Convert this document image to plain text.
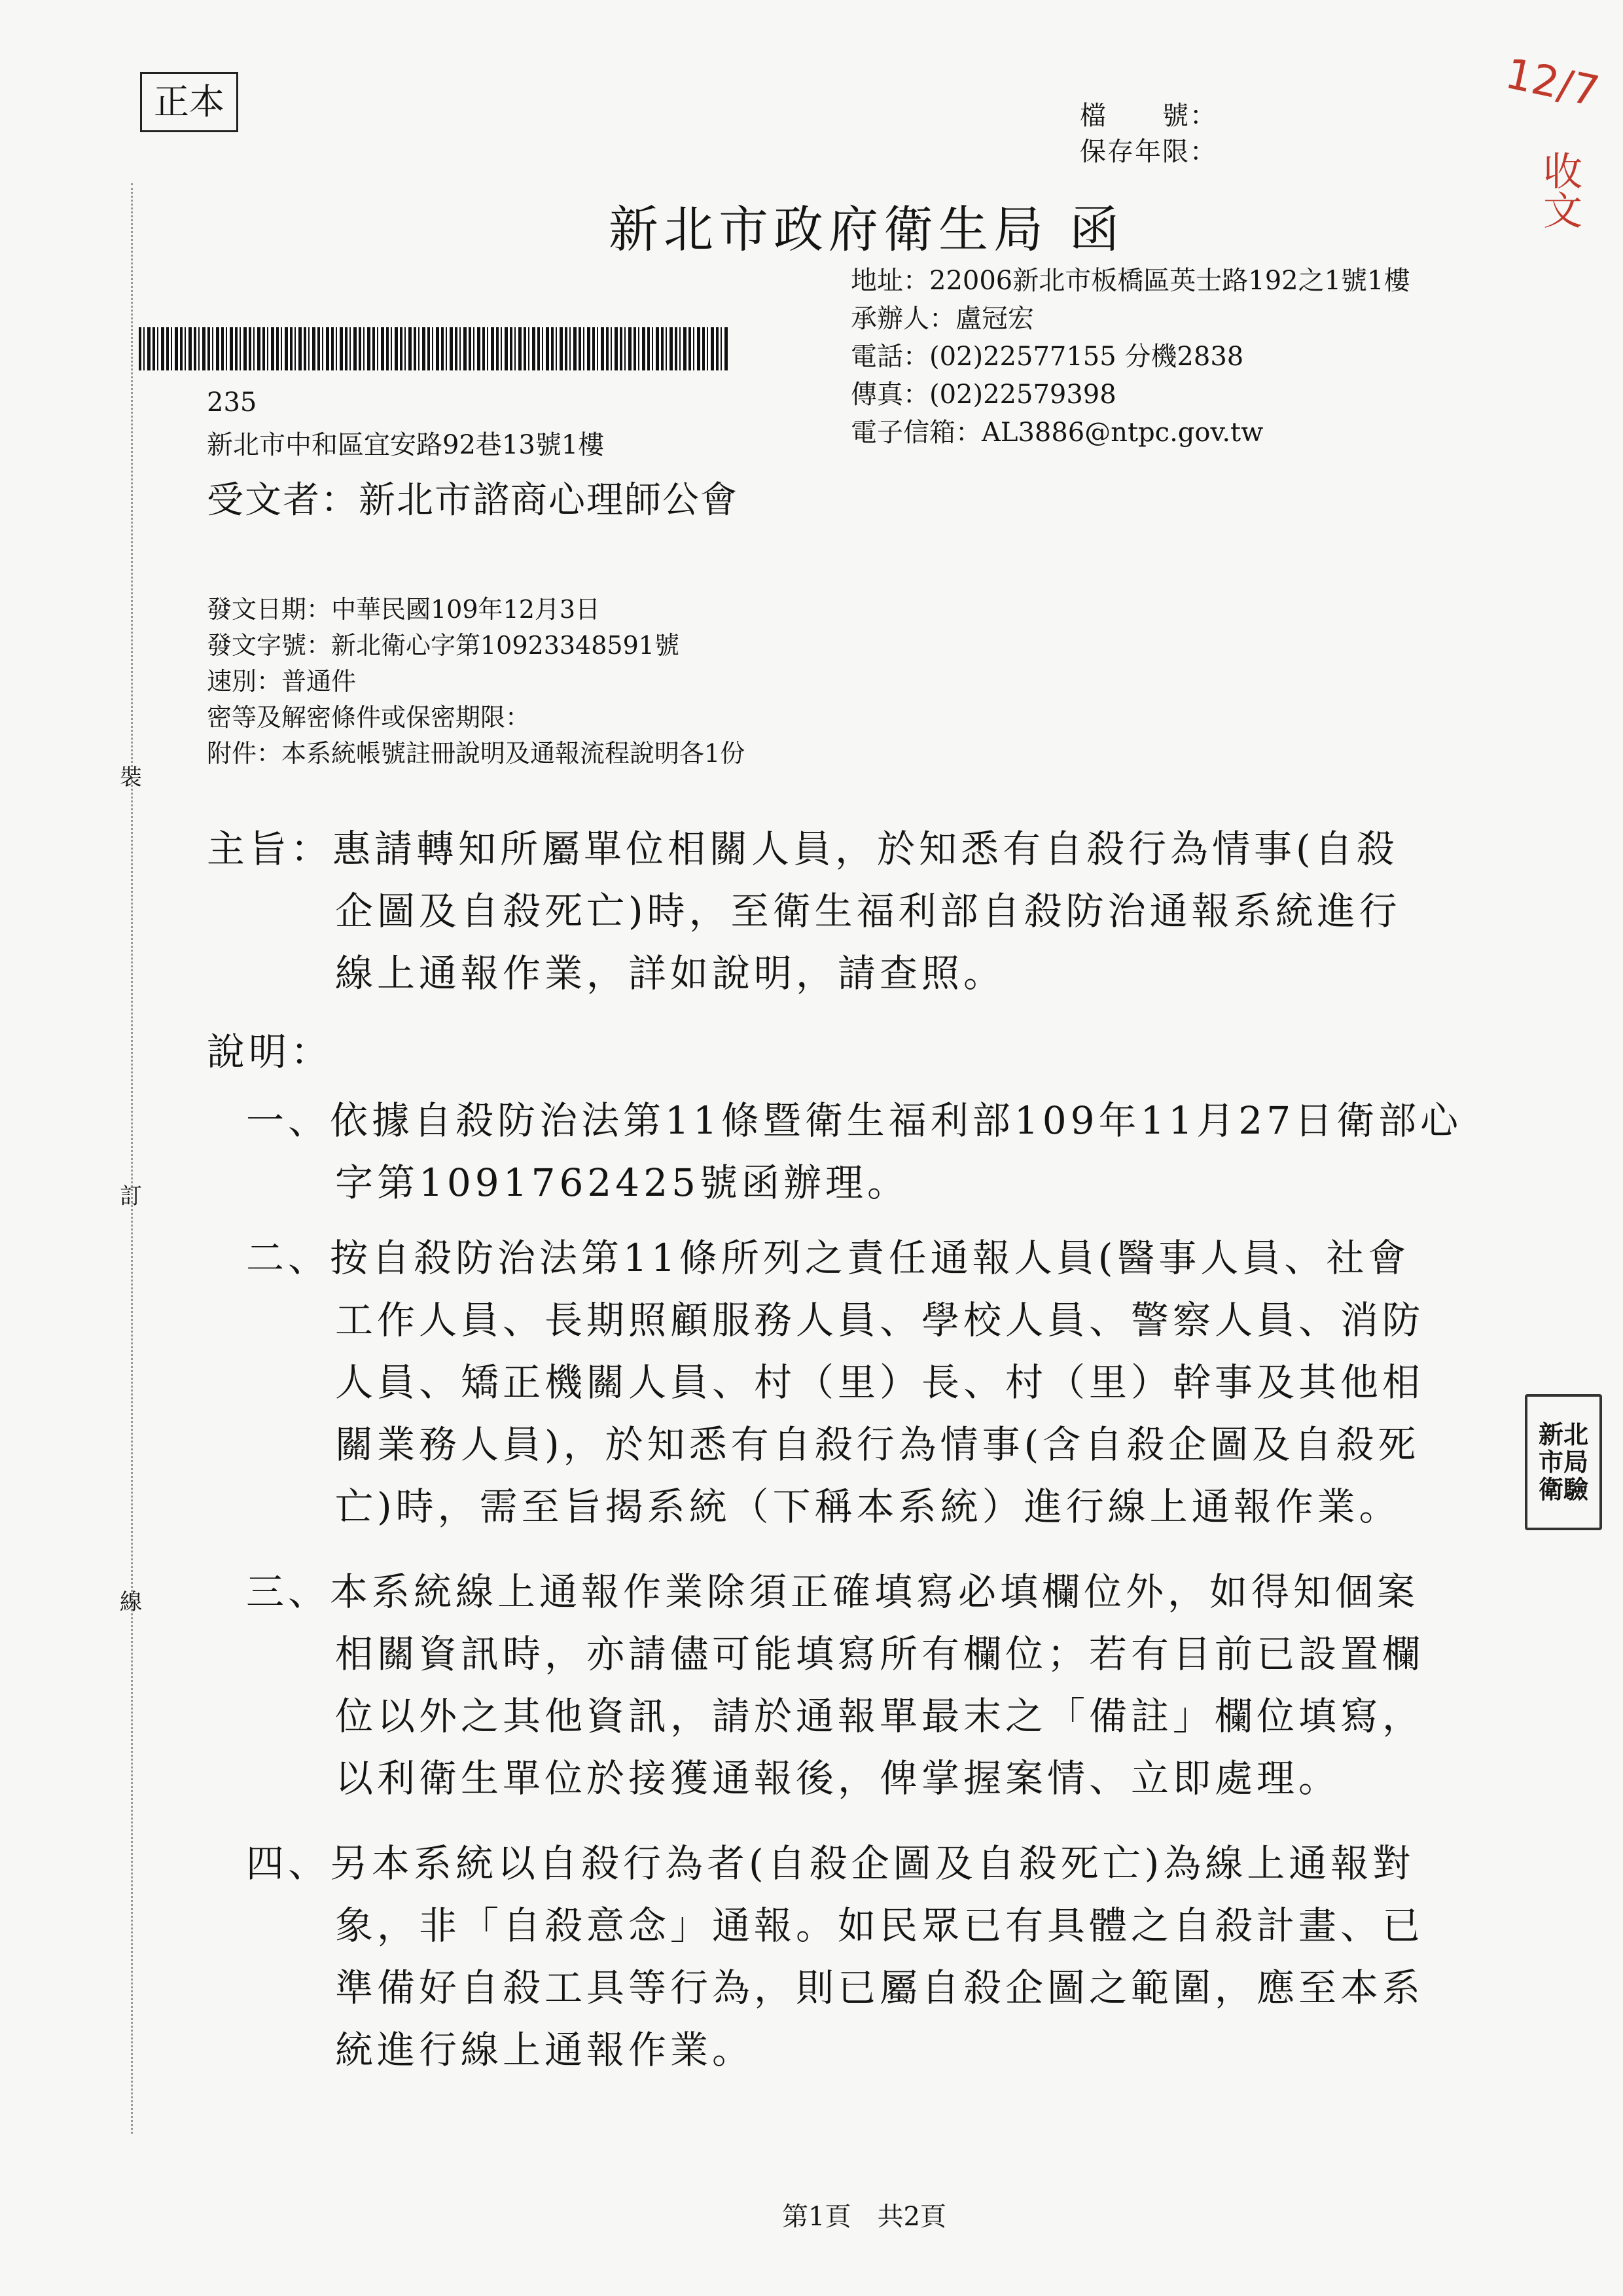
正本	檔　　號：
保存年限：
12/7
收文
新北市政府衛生局 函
地址：22006新北市板橋區英士路192之1號1樓
承辦人：盧冠宏
電話：(02)22577155 分機2838
傳真：(02)22579398
電子信箱：AL3886@ntpc.gov.tw
235
新北市中和區宜安路92巷13號1樓
受文者：新北市諮商心理師公會
發文日期：中華民國109年12月3日
發文字號：新北衛心字第10923348591號
速別：普通件
密等及解密條件或保密期限：
附件：本系統帳號註冊說明及通報流程說明各1份
裝
訂
線
主旨：惠請轉知所屬單位相關人員，於知悉有自殺行為情事(自殺
企圖及自殺死亡)時，至衛生福利部自殺防治通報系統進行
線上通報作業，詳如說明，請查照。
說明：
一、依據自殺防治法第11條暨衛生福利部109年11月27日衛部心
字第1091762425號函辦理。
二、按自殺防治法第11條所列之責任通報人員(醫事人員、社會
工作人員、長期照顧服務人員、學校人員、警察人員、消防
人員、矯正機關人員、村（里）長、村（里）幹事及其他相
關業務人員)，於知悉有自殺行為情事(含自殺企圖及自殺死
亡)時，需至旨揭系統（下稱本系統）進行線上通報作業。
三、本系統線上通報作業除須正確填寫必填欄位外，如得知個案
相關資訊時，亦請儘可能填寫所有欄位；若有目前已設置欄
位以外之其他資訊，請於通報單最末之「備註」欄位填寫，
以利衛生單位於接獲通報後，俾掌握案情、立即處理。
四、另本系統以自殺行為者(自殺企圖及自殺死亡)為線上通報對
象，非「自殺意念」通報。如民眾已有具體之自殺計畫、已
準備好自殺工具等行為，則已屬自殺企圖之範圍，應至本系
統進行線上通報作業。
新北
市局
衛驗
第1頁　共2頁
